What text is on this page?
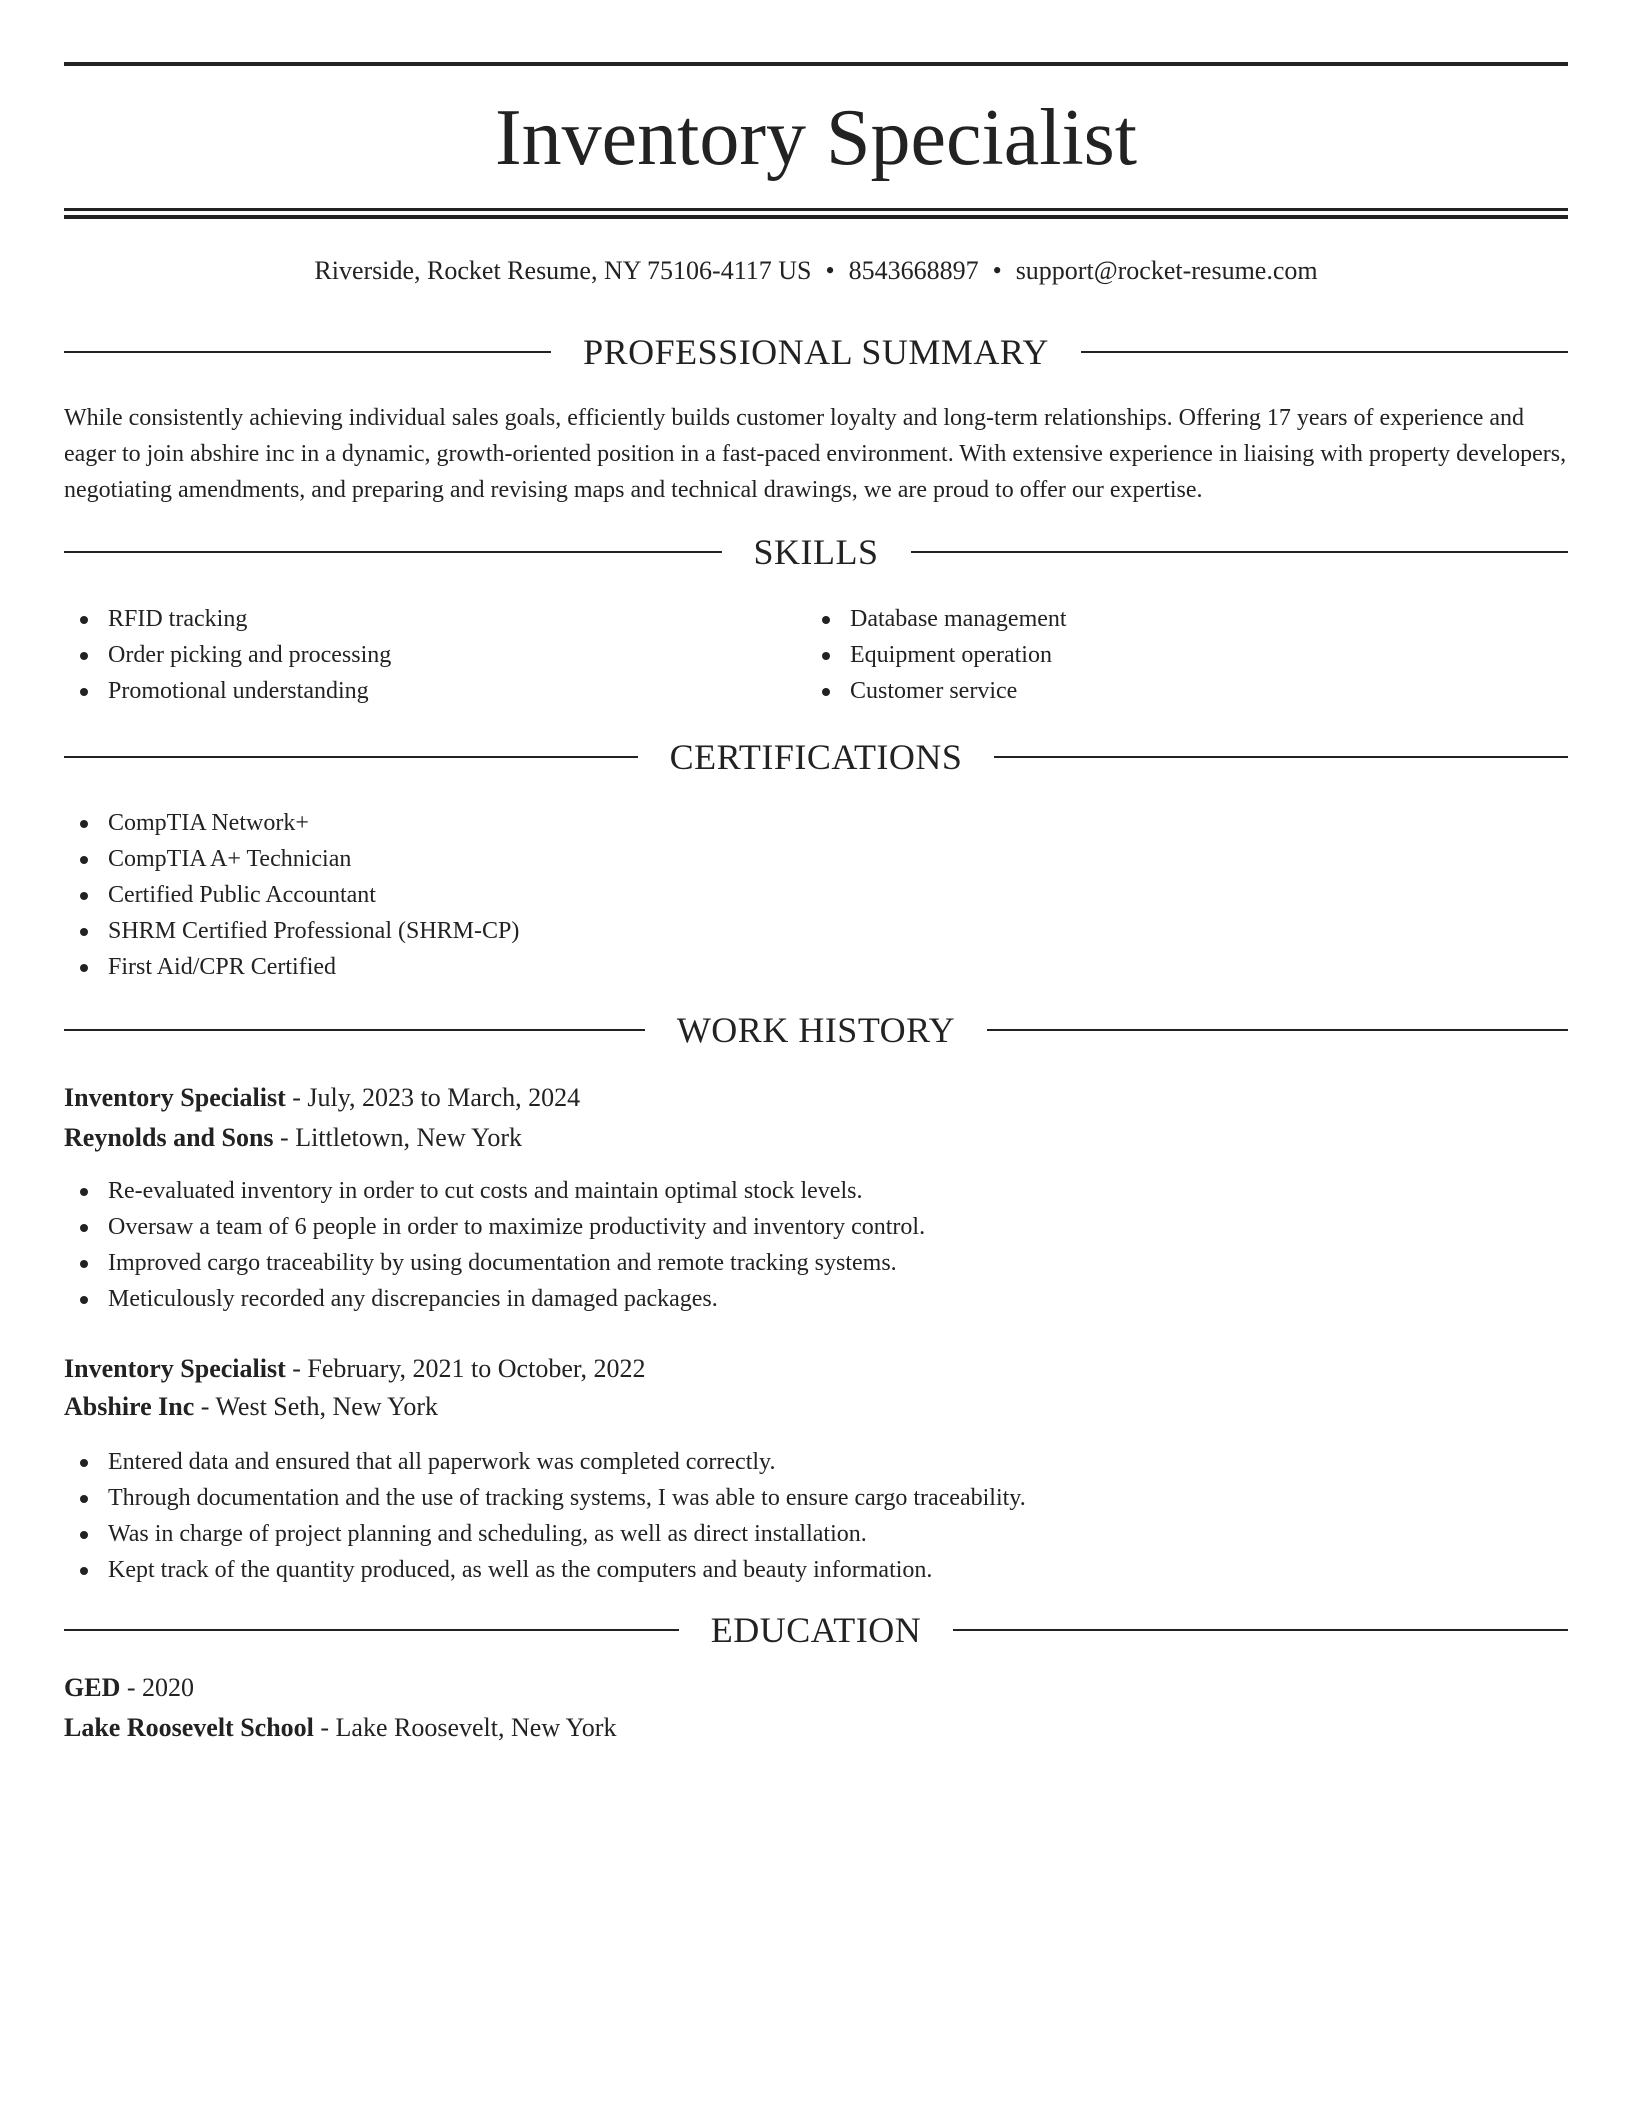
Inventory Specialist
Riverside, Rocket Resume, NY 75106-4117 US • 8543668897 • support@rocket-resume.com
PROFESSIONAL SUMMARY

While consistently achieving individual sales goals, efficiently builds customer loyalty and long-term relationships. Offering 17 years of experience and eager to join abshire inc in a dynamic, growth-oriented position in a fast-paced environment. With extensive experience in liaising with property developers, negotiating amendments, and preparing and revising maps and technical drawings, we are proud to offer our expertise.

SKILLS
RFID tracking
Order picking and processing
Promotional understanding
Database management
Equipment operation
Customer service
CERTIFICATIONS
CompTIA Network+
CompTIA A+ Technician
Certified Public Accountant
SHRM Certified Professional (SHRM-CP)
First Aid/CPR Certified
WORK HISTORY
Inventory Specialist - July, 2023 to March, 2024
Reynolds and Sons - Littletown, New York
Re-evaluated inventory in order to cut costs and maintain optimal stock levels.
Oversaw a team of 6 people in order to maximize productivity and inventory control.
Improved cargo traceability by using documentation and remote tracking systems.
Meticulously recorded any discrepancies in damaged packages.
Inventory Specialist - February, 2021 to October, 2022
Abshire Inc - West Seth, New York
Entered data and ensured that all paperwork was completed correctly.
Through documentation and the use of tracking systems, I was able to ensure cargo traceability.
Was in charge of project planning and scheduling, as well as direct installation.
Kept track of the quantity produced, as well as the computers and beauty information.
EDUCATION
GED - 2020
Lake Roosevelt School - Lake Roosevelt, New York
